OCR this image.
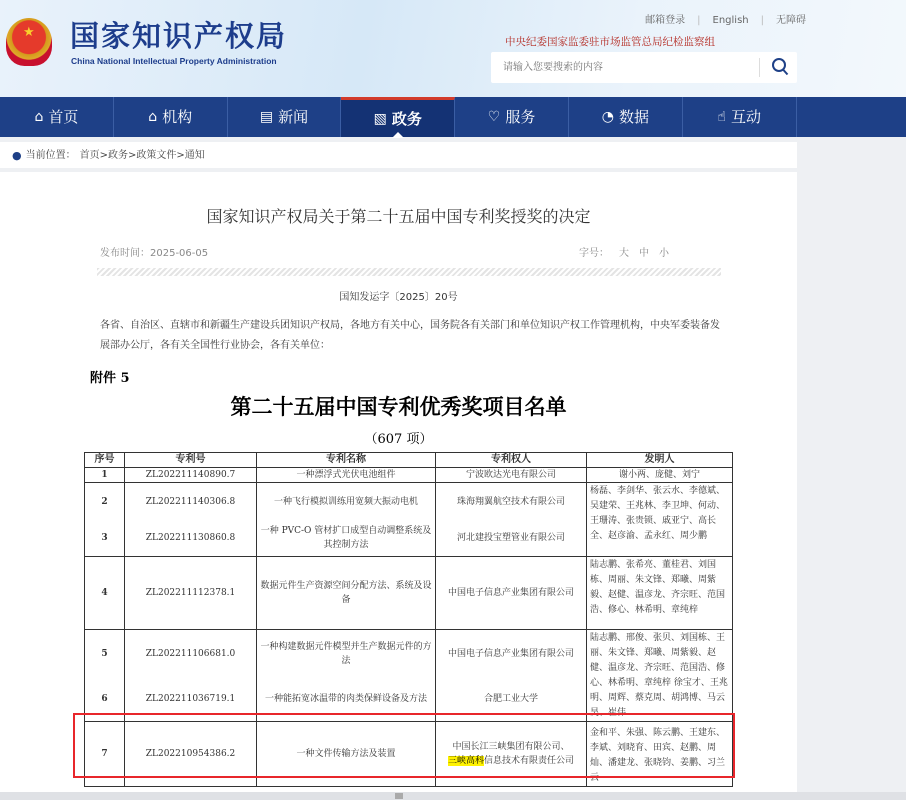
★ 国家知识产权局
China National Intellectual Property Administration
邮箱登录 | English | 无障碍
中央纪委国家监委驻市场监管总局纪检监察组
请输入您要搜索的内容
⌂ 首页	⌂ 机构	▤ 新闻	▧ 政务	♡ 服务	◔ 数据	☝ 互动
● 当前位置： 首页>政务>政策文件>通知
国家知识产权局关于第二十五届中国专利奖授奖的决定
发布时间：2025-06-05	字号： 大 中 小
国知发运字〔2025〕20号
各省、自治区、直辖市和新疆生产建设兵团知识产权局，各地方有关中心，国务院各有关部门和单位知识产权工作管理机构，中央军委装备发展部办公厅，各有关全国性行业协会，各有关单位：
附件 5
第二十五届中国专利优秀奖项目名单
（607 项）
序号	专利号	专利名称	专利权人	发明人
1	ZL202211140890.7	一种漂浮式光伏电池组件	宁波欧达光电有限公司	谢小两、庞健、刘宁
2	ZL202211140306.8	一种飞行模拟训练用宽频大振动电机	珠海翔翼航空技术有限公司	杨磊、李剑华、张云水、李德斌、吴建荣、王兆林、李卫坤、何动、王珊涛、张贵锁、戚亚宁、高长全、赵彦渝、孟永红、周少鹏
3	ZL202211130860.8	一种 PVC-O 管材扩口成型自动调整系统及其控制方法	河北建投宝塑管业有限公司	
4	ZL202211112378.1	数据元件生产资源空间分配方法、系统及设备	中国电子信息产业集团有限公司	陆志鹏、张希亮、董桂君、刘国栋、周丽、朱文锋、郑曦、周紫毅、赵健、温彦龙、齐宗旺、范国浩、修心、林希明、章纯梓
5	ZL202211106681.0	一种构建数据元件模型并生产数据元件的方法	中国电子信息产业集团有限公司	陆志鹏、邢俊、张贝、刘国栋、王丽、朱文锋、郑曦、周紫毅、赵健、温彦龙、齐宗旺、范国浩、修心、林希明、章纯梓 徐宝才、王兆明、周辉、蔡克周、胡鸿博、马云昊、崔伟
6	ZL202211036719.1	一种能拓宽冰温带的肉类保鲜设备及方法	合肥工业大学	
7	ZL202210954386.2	一种文件传输方法及装置	中国长江三峡集团有限公司、
三峡高科信息技术有限责任公司	金和平、朱强、陈云鹏、王建东、李斌、刘晓育、田宾、赵鹏、周灿、潘建龙、张晓钧、姜鹏、习兰云
